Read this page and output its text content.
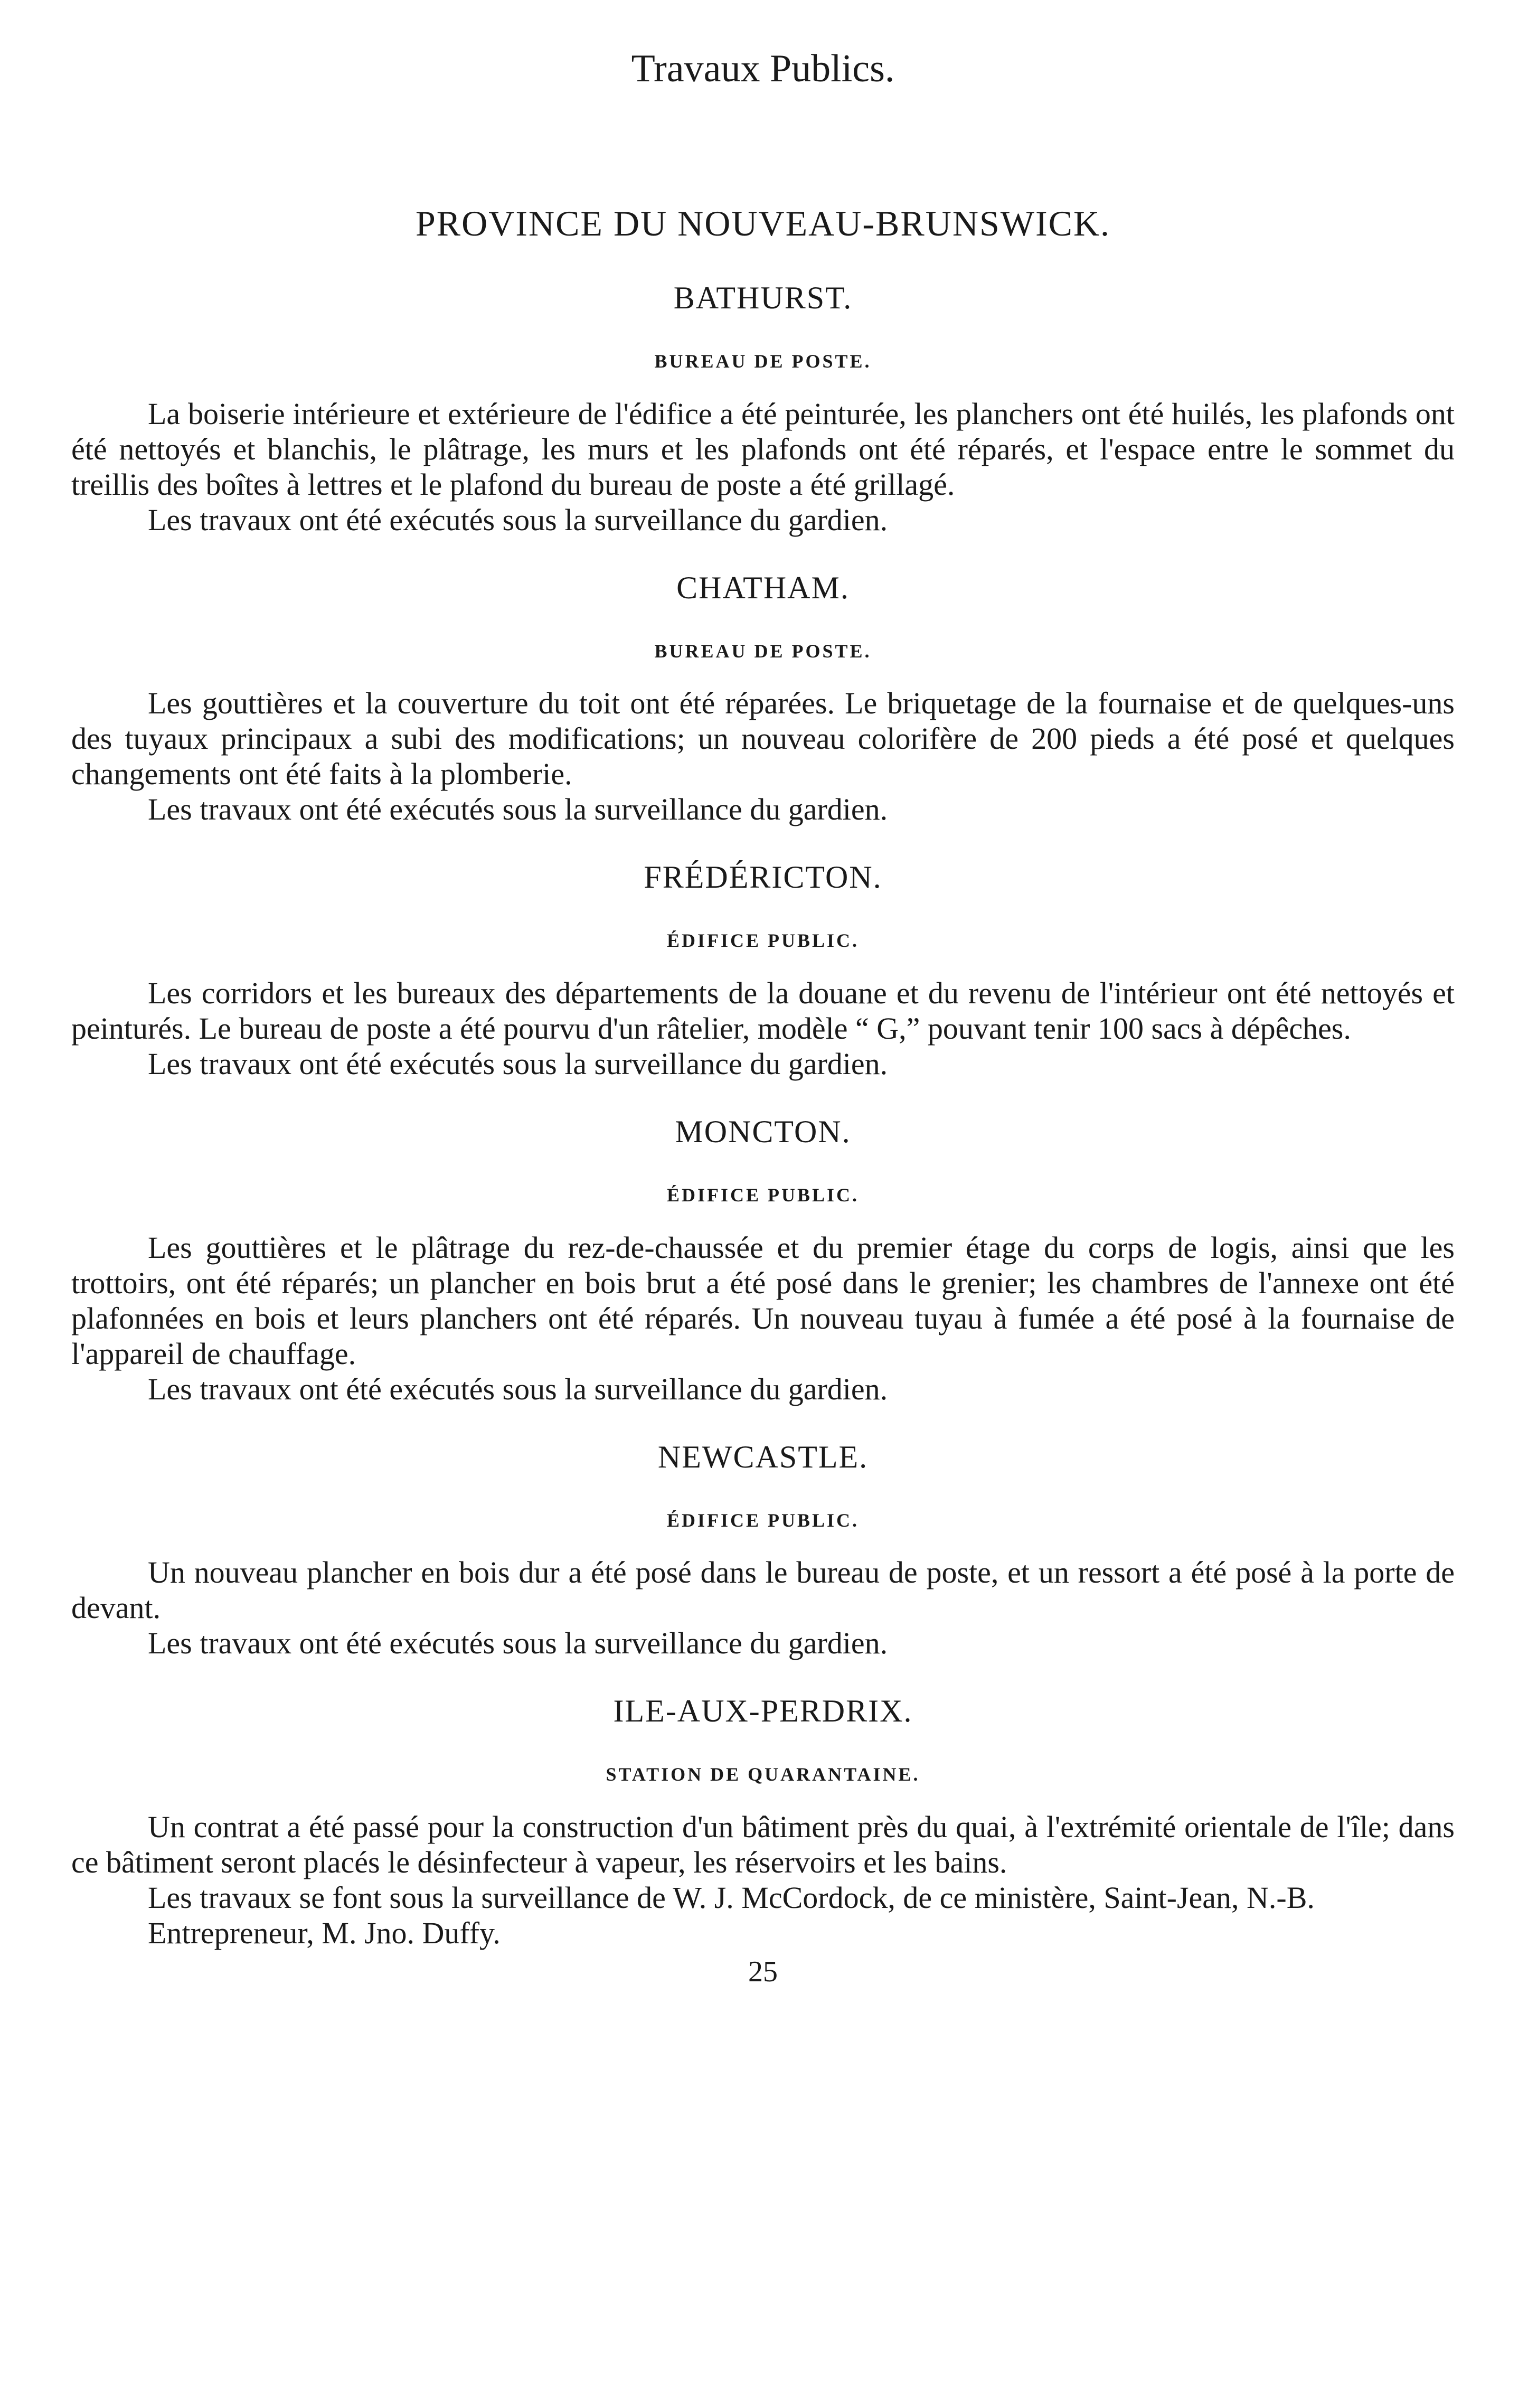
Travaux Publics.
PROVINCE DU NOUVEAU-BRUNSWICK.
BATHURST.
BUREAU DE POSTE.

La boiserie intérieure et extérieure de l'édifice a été peinturée, les planchers ont été huilés, les plafonds ont été nettoyés et blanchis, le plâtrage, les murs et les plafonds ont été réparés, et l'espace entre le sommet du treillis des boîtes à lettres et le plafond du bureau de poste a été grillagé.

Les travaux ont été exécutés sous la surveillance du gardien.

CHATHAM.
BUREAU DE POSTE.

Les gouttières et la couverture du toit ont été réparées. Le briquetage de la fournaise et de quelques-uns des tuyaux principaux a subi des modifications; un nouveau colorifère de 200 pieds a été posé et quelques changements ont été faits à la plomberie.

Les travaux ont été exécutés sous la surveillance du gardien.

FRÉDÉRICTON.
ÉDIFICE PUBLIC.

Les corridors et les bureaux des départements de la douane et du revenu de l'intérieur ont été nettoyés et peinturés. Le bureau de poste a été pourvu d'un râtelier, modèle “ G,” pouvant tenir 100 sacs à dépêches.

Les travaux ont été exécutés sous la surveillance du gardien.

MONCTON.
ÉDIFICE PUBLIC.

Les gouttières et le plâtrage du rez-de-chaussée et du premier étage du corps de logis, ainsi que les trottoirs, ont été réparés; un plancher en bois brut a été posé dans le grenier; les chambres de l'annexe ont été plafonnées en bois et leurs planchers ont été réparés. Un nouveau tuyau à fumée a été posé à la fournaise de l'appareil de chauffage.

Les travaux ont été exécutés sous la surveillance du gardien.

NEWCASTLE.
ÉDIFICE PUBLIC.

Un nouveau plancher en bois dur a été posé dans le bureau de poste, et un ressort a été posé à la porte de devant.

Les travaux ont été exécutés sous la surveillance du gardien.

ILE-AUX-PERDRIX.
STATION DE QUARANTAINE.

Un contrat a été passé pour la construction d'un bâtiment près du quai, à l'extrémité orientale de l'île; dans ce bâtiment seront placés le désinfecteur à vapeur, les réservoirs et les bains.

Les travaux se font sous la surveillance de W. J. McCordock, de ce ministère, Saint-Jean, N.-B.

Entrepreneur, M. Jno. Duffy.

25
